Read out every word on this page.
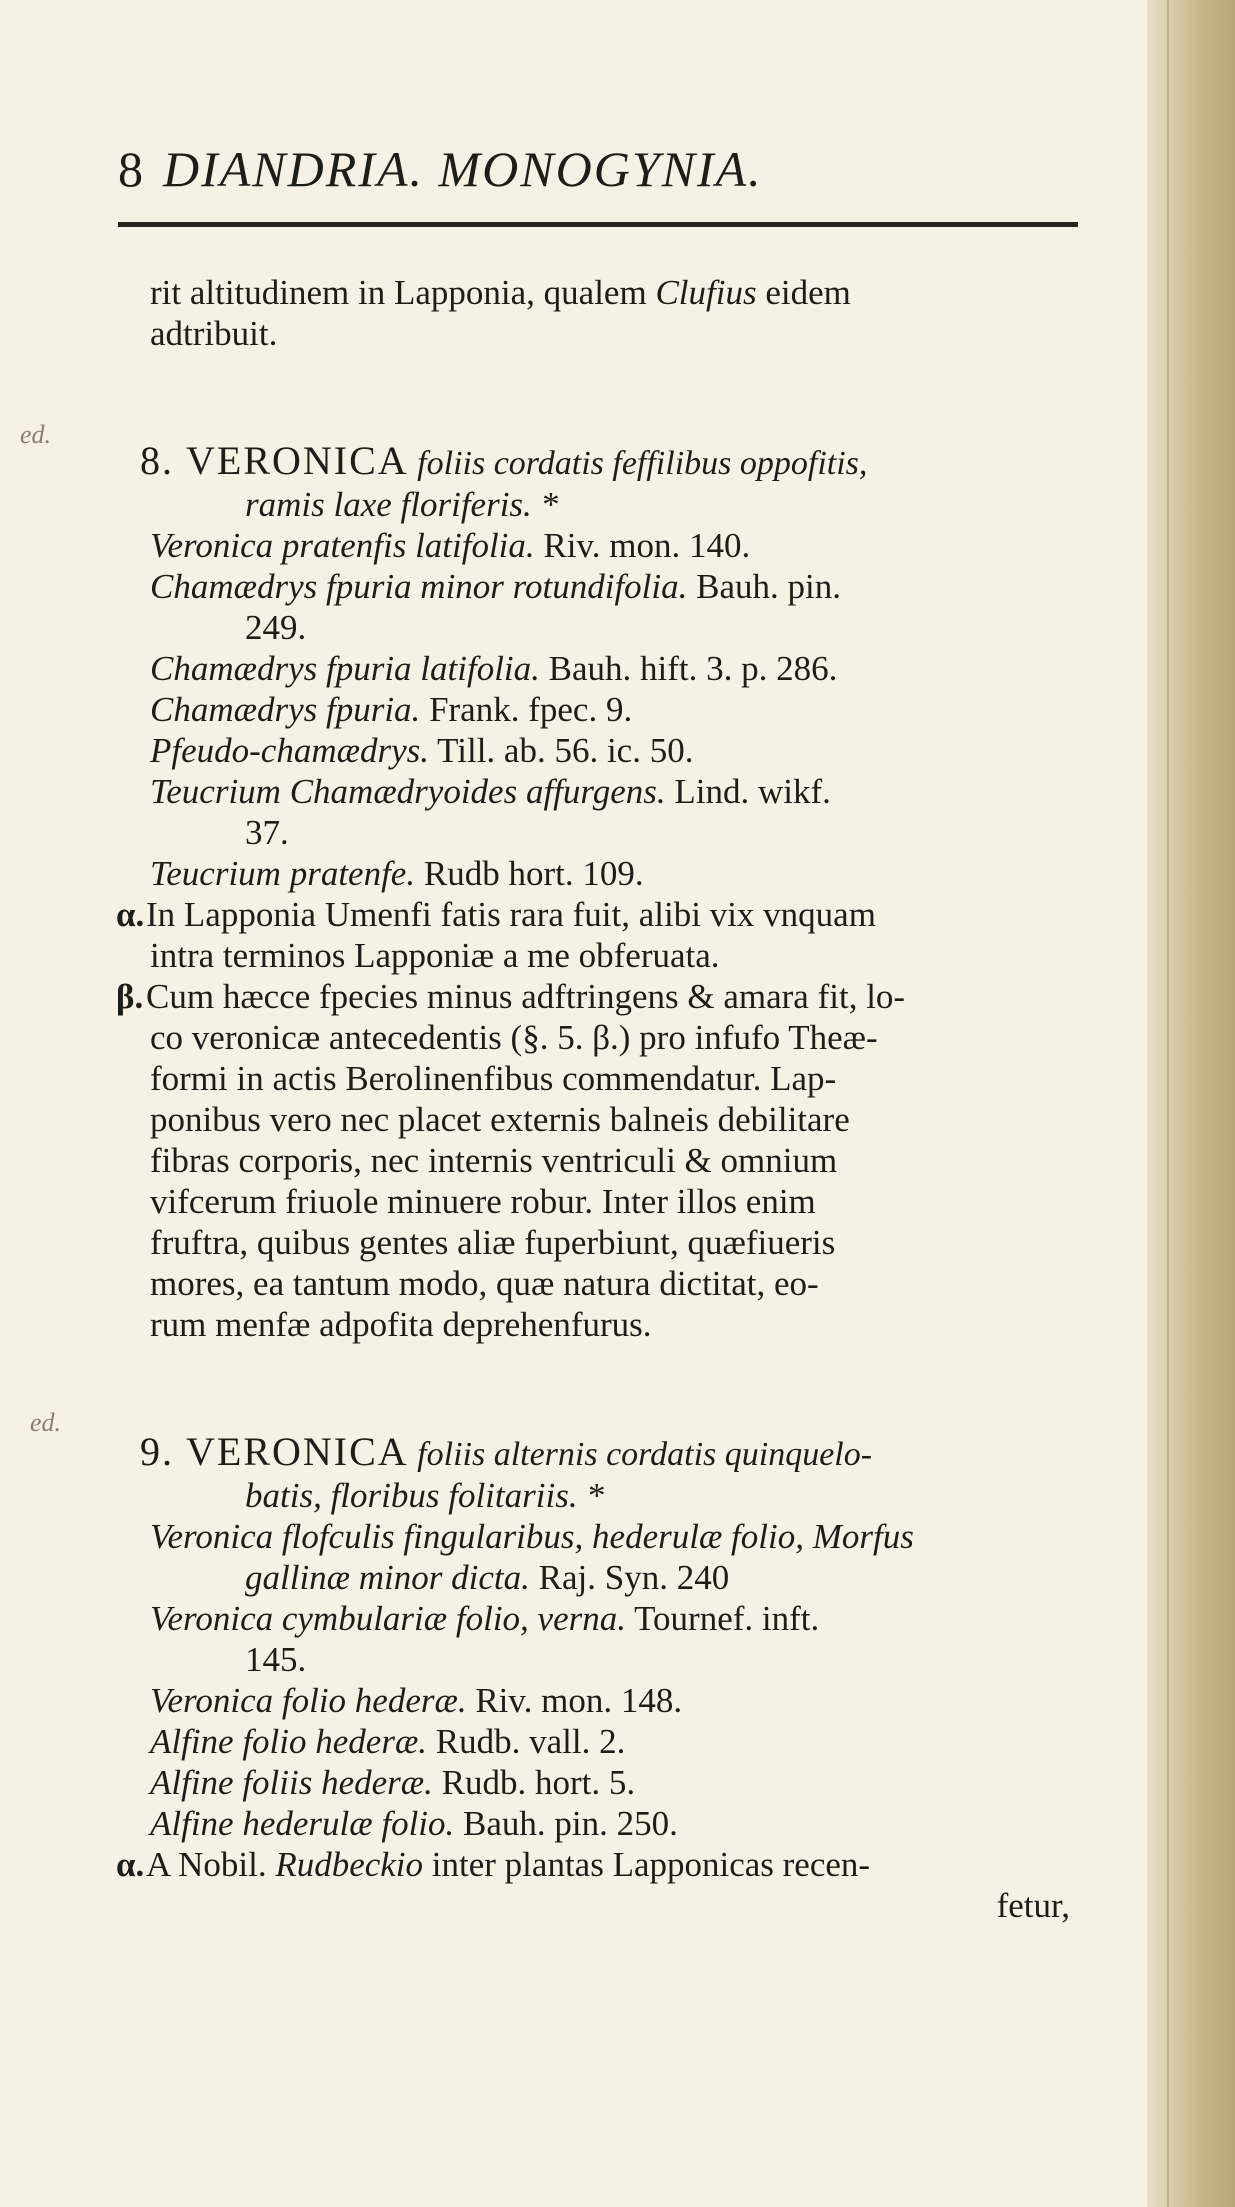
ed.
ed.
8 DIANDRIA. MONOGYNIA.
rit altitudinem in Lapponia, qualem Clufius eidem
adtribuit.
8. VERONICA foliis cordatis feffilibus oppofitis,
ramis laxe floriferis. *
Veronica pratenfis latifolia. Riv. mon. 140.
Chamædrys fpuria minor rotundifolia. Bauh. pin.
249.
Chamædrys fpuria latifolia. Bauh. hift. 3. p. 286.
Chamædrys fpuria. Frank. fpec. 9.
Pfeudo-chamædrys. Till. ab. 56. ic. 50.
Teucrium Chamædryoides affurgens. Lind. wikf.
37.
Teucrium pratenfe. Rudb hort. 109.
α.In Lapponia Umenfi fatis rara fuit, alibi vix vnquam
intra terminos Lapponiæ a me obferuata.
β.Cum hæcce fpecies minus adftringens & amara fit, lo-
co veronicæ antecedentis (§. 5. β.) pro infufo Theæ-
formi in actis Berolinenfibus commendatur. Lap-
ponibus vero nec placet externis balneis debilitare
fibras corporis, nec internis ventriculi & omnium
vifcerum friuole minuere robur. Inter illos enim
fruftra, quibus gentes aliæ fuperbiunt, quæfiueris
mores, ea tantum modo, quæ natura dictitat, eo-
rum menfæ adpofita deprehenfurus.
9. VERONICA foliis alternis cordatis quinquelo-
batis, floribus folitariis. *
Veronica flofculis fingularibus, hederulæ folio, Morfus
gallinæ minor dicta. Raj. Syn. 240
Veronica cymbulariæ folio, verna. Tournef. inft.
145.
Veronica folio hederæ. Riv. mon. 148.
Alfine folio hederæ. Rudb. vall. 2.
Alfine foliis hederæ. Rudb. hort. 5.
Alfine hederulæ folio. Bauh. pin. 250.
α.A Nobil. Rudbeckio inter plantas Lapponicas recen-
fetur,
